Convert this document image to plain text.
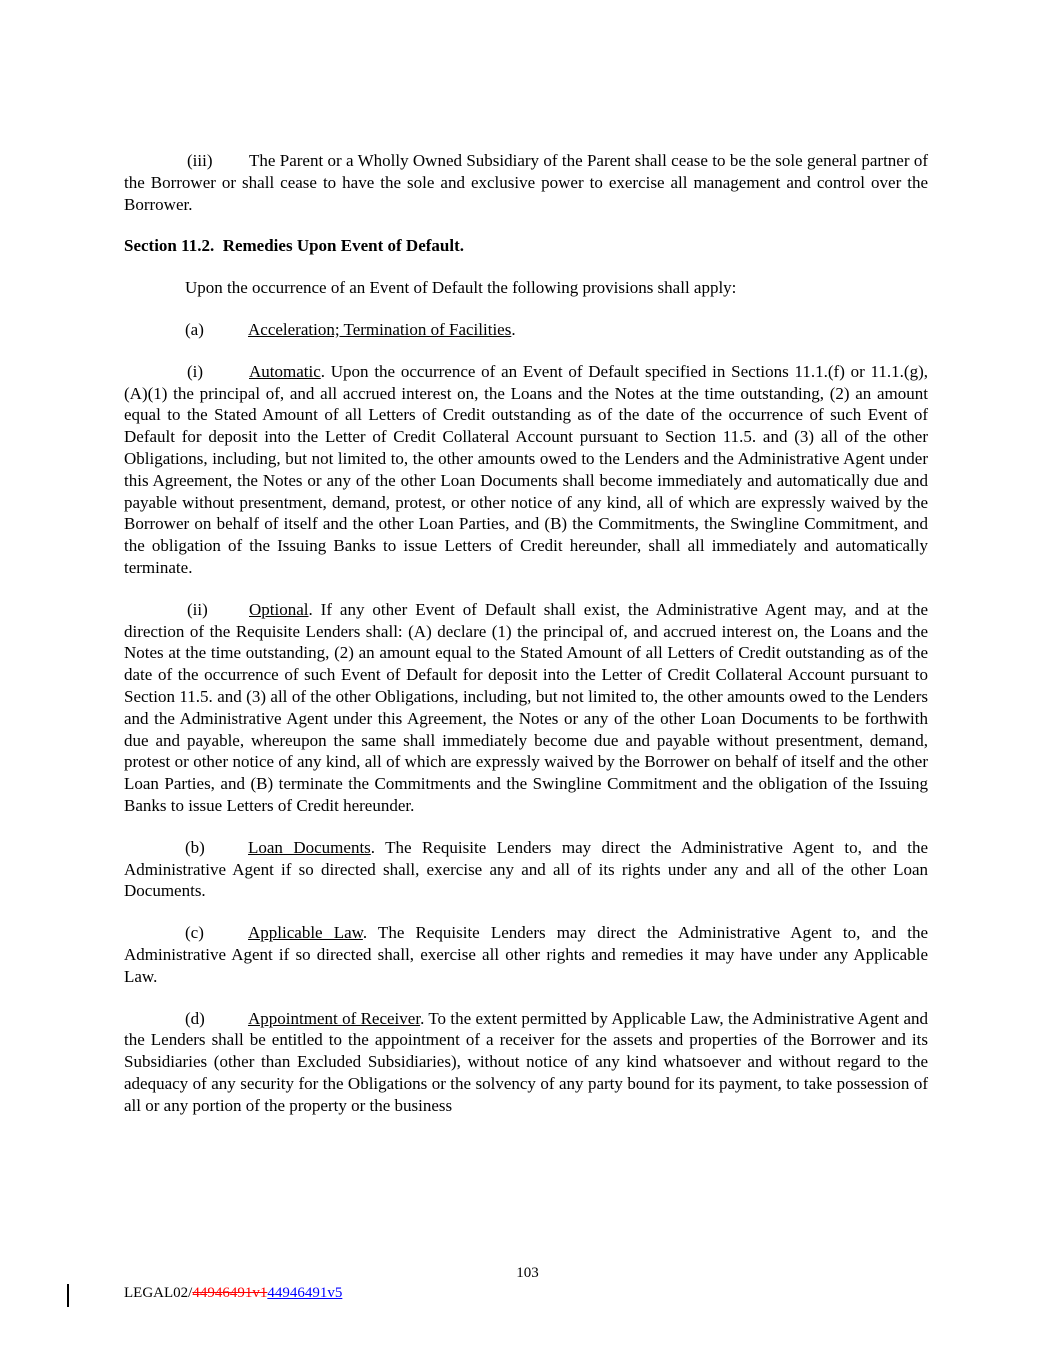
(iii) The Parent or a Wholly Owned Subsidiary of the Parent shall cease to be the sole general partner of the Borrower or shall cease to have the sole and exclusive power to exercise all management and control over the Borrower.

Section 11.2.  Remedies Upon Event of Default.

Upon the occurrence of an Event of Default the following provisions shall apply:

(a)	Acceleration; Termination of Facilities.

(i)	Automatic. Upon the occurrence of an Event of Default specified in Sections 11.1.(f) or 11.1.(g), (A)(1) the principal of, and all accrued interest on, the Loans and the Notes at the time outstanding, (2) an amount equal to the Stated Amount of all Letters of Credit outstanding as of the date of the occurrence of such Event of Default for deposit into the Letter of Credit Collateral Account pursuant to Section 11.5. and (3) all of the other Obligations, including, but not limited to, the other amounts owed to the Lenders and the Administrative Agent under this Agreement, the Notes or any of the other Loan Documents shall become immediately and automatically due and payable without presentment, demand, protest, or other notice of any kind, all of which are expressly waived by the Borrower on behalf of itself and the other Loan Parties, and (B) the Commitments, the Swingline Commitment, and the obligation of the Issuing Banks to issue Letters of Credit hereunder, shall all immediately and automatically terminate.

(ii) Optional. If any other Event of Default shall exist, the Administrative Agent may, and at the direction of the Requisite Lenders shall: (A) declare (1) the principal of, and accrued interest on, the Loans and the Notes at the time outstanding, (2) an amount equal to the Stated Amount of all Letters of Credit outstanding as of the date of the occurrence of such Event of Default for deposit into the Letter of Credit Collateral Account pursuant to Section 11.5. and (3) all of the other Obligations, including, but not limited to, the other amounts owed to the Lenders and the Administrative Agent under this Agreement, the Notes or any of the other Loan Documents to be forthwith due and payable, whereupon the same shall immediately become due and payable without presentment, demand, protest or other notice of any kind, all of which are expressly waived by the Borrower on behalf of itself and the other Loan Parties, and (B) terminate the Commitments and the Swingline Commitment and the obligation of the Issuing Banks to issue Letters of Credit hereunder.

(b)	Loan Documents. The Requisite Lenders may direct the Administrative Agent to, and the Administrative Agent if so directed shall, exercise any and all of its rights under any and all of the other Loan Documents.

(c)	Applicable Law. The Requisite Lenders may direct the Administrative Agent to, and the Administrative Agent if so directed shall, exercise all other rights and remedies it may have under any Applicable Law.

(d)	Appointment of Receiver. To the extent permitted by Applicable Law, the Administrative Agent and the Lenders shall be entitled to the appointment of a receiver for the assets and properties of the Borrower and its Subsidiaries (other than Excluded Subsidiaries), without notice of any kind whatsoever and without regard to the adequacy of any security for the Obligations or the solvency of any party bound for its payment, to take possession of all or any portion of the property or the business

103
LEGAL02/44946491v144946491v5
